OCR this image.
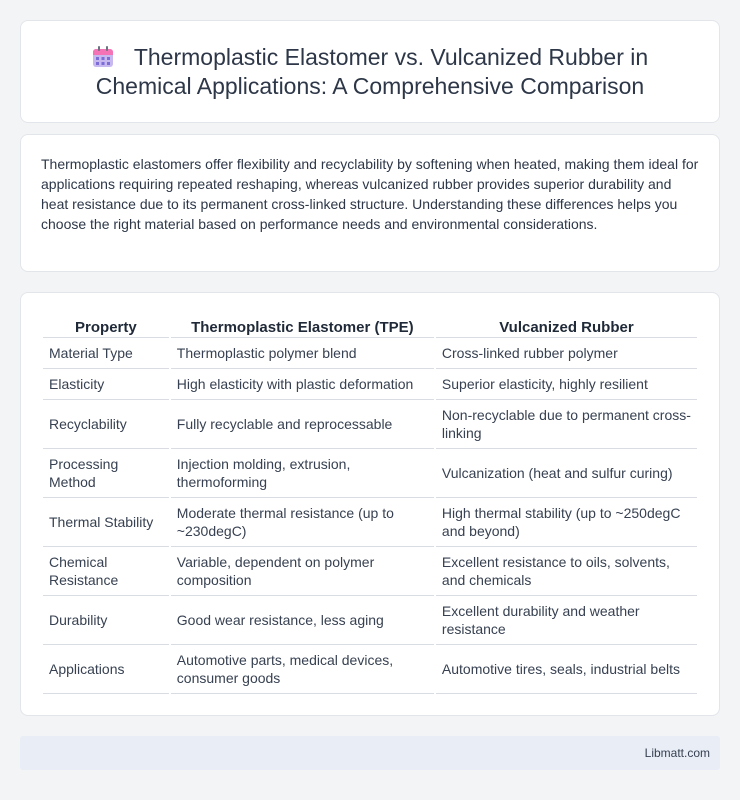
Thermoplastic Elastomer vs. Vulcanized Rubber in Chemical Applications: A Comprehensive Comparison

Thermoplastic elastomers offer flexibility and recyclability by softening when heated, making them ideal for applications requiring repeated reshaping, whereas vulcanized rubber provides superior durability and heat resistance due to its permanent cross-linked structure. Understanding these differences helps you choose the right material based on performance needs and environmental considerations.

Property	Thermoplastic Elastomer (TPE)	Vulcanized Rubber
Material Type	Thermoplastic polymer blend	Cross-linked rubber polymer
Elasticity	High elasticity with plastic deformation	Superior elasticity, highly resilient
Recyclability	Fully recyclable and reprocessable	Non-recyclable due to permanent cross-linking
Processing Method	Injection molding, extrusion, thermoforming	Vulcanization (heat and sulfur curing)
Thermal Stability	Moderate thermal resistance (up to ~230degC)	High thermal stability (up to ~250degC and beyond)
Chemical Resistance	Variable, dependent on polymer composition	Excellent resistance to oils, solvents, and chemicals
Durability	Good wear resistance, less aging	Excellent durability and weather resistance
Applications	Automotive parts, medical devices, consumer goods	Automotive tires, seals, industrial belts
Libmatt.com
